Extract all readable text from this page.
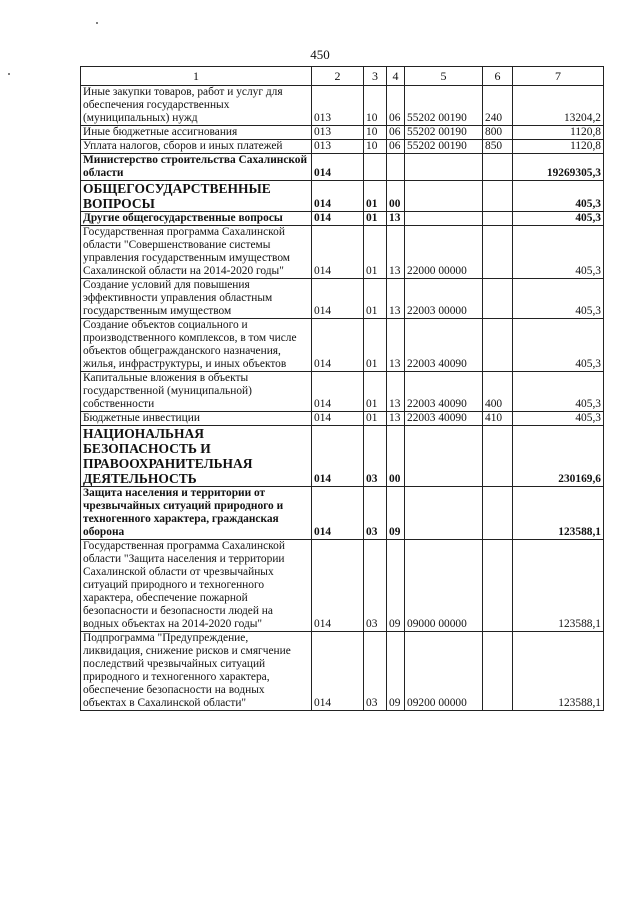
450
1	2	3	4	5	6	7
Иные закупки товаров, работ и услуг для обеспечения государственных (муниципальных) нужд	013	10	06	55202 00190	240	13204,2
Иные бюджетные ассигнования	013	10	06	55202 00190	800	1120,8
Уплата налогов, сборов и иных платежей	013	10	06	55202 00190	850	1120,8
Министерство строительства Сахалинской области	014					19269305,3
ОБЩЕГОСУДАРСТВЕННЫЕ ВОПРОСЫ	014	01	00			405,3
Другие общегосударственные вопросы	014	01	13			405,3
Государственная программа Сахалинской области "Совершенствование системы управления государственным имуществом Сахалинской области на 2014-2020 годы"	014	01	13	22000 00000		405,3
Создание условий для повышения эффективности управления областным государственным имуществом	014	01	13	22003 00000		405,3
Создание объектов социального и производственного комплексов, в том числе объектов общегражданского назначения, жилья, инфраструктуры, и иных объектов	014	01	13	22003 40090		405,3
Капитальные вложения в объекты государственной (муниципальной) собственности	014	01	13	22003 40090	400	405,3
Бюджетные инвестиции	014	01	13	22003 40090	410	405,3
НАЦИОНАЛЬНАЯ БЕЗОПАСНОСТЬ И ПРАВООХРАНИТЕЛЬНАЯ ДЕЯТЕЛЬНОСТЬ	014	03	00			230169,6
Защита населения и территории от чрезвычайных ситуаций природного и техногенного характера, гражданская оборона	014	03	09			123588,1
Государственная программа Сахалинской области "Защита населения и территории Сахалинской области от чрезвычайных ситуаций природного и техногенного характера, обеспечение пожарной безопасности и безопасности людей на водных объектах на 2014-2020 годы"	014	03	09	09000 00000		123588,1
Подпрограмма "Предупреждение, ликвидация, снижение рисков и смягчение последствий чрезвычайных ситуаций природного и техногенного характера, обеспечение безопасности на водных объектах в Сахалинской области"	014	03	09	09200 00000		123588,1
